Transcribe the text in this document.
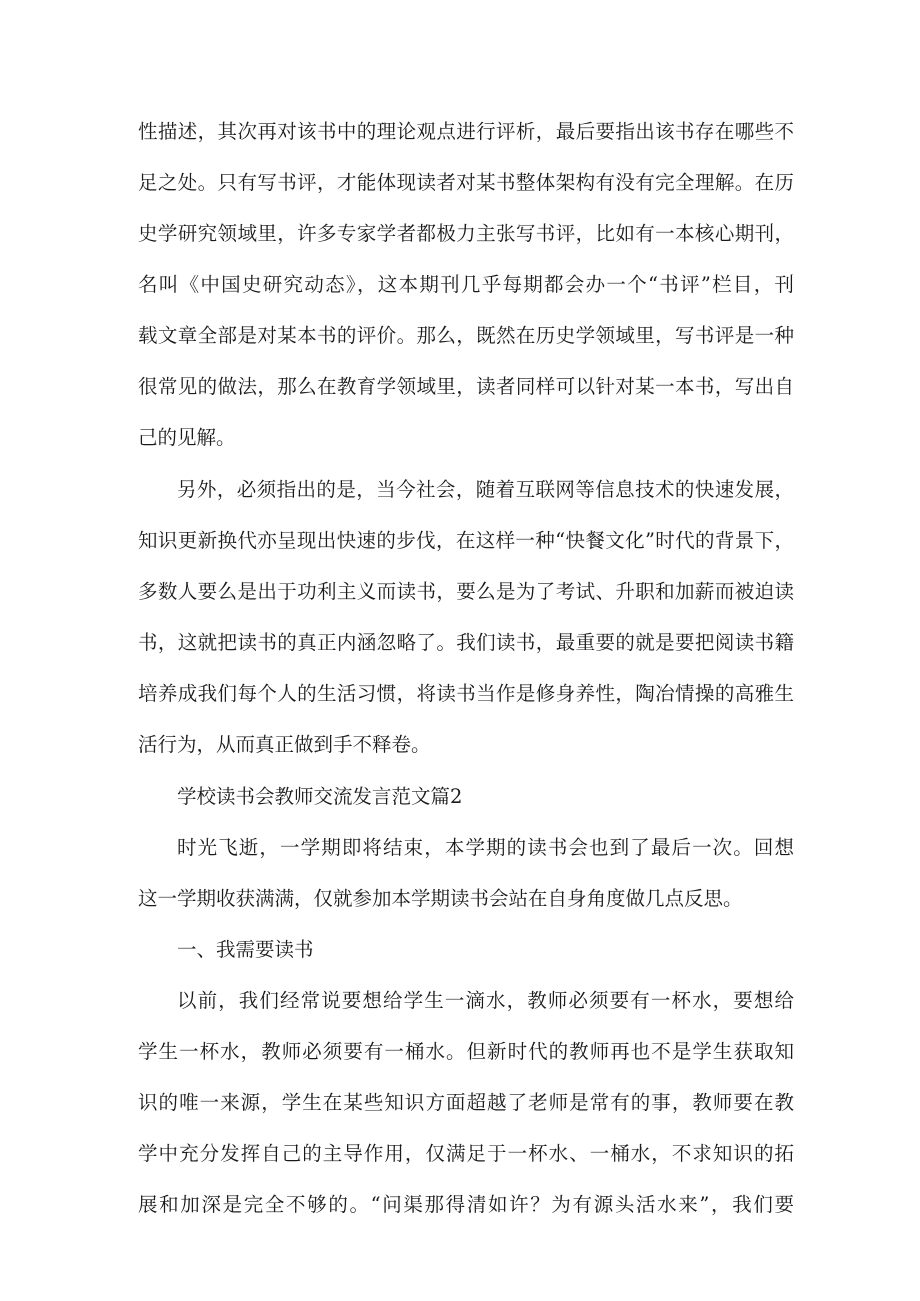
性描述，其次再对该书中的理论观点进行评析，最后要指出该书存在哪些不
足之处。只有写书评，才能体现读者对某书整体架构有没有完全理解。在历
史学研究领域里，许多专家学者都极力主张写书评，比如有一本核心期刊，
名叫《中国史研究动态》，这本期刊几乎每期都会办一个“书评”栏目，刊
载文章全部是对某本书的评价。那么，既然在历史学领域里，写书评是一种
很常见的做法，那么在教育学领域里，读者同样可以针对某一本书，写出自
己的见解。
另外，必须指出的是，当今社会，随着互联网等信息技术的快速发展，
知识更新换代亦呈现出快速的步伐，在这样一种“快餐文化”时代的背景下，
多数人要么是出于功利主义而读书，要么是为了考试、升职和加薪而被迫读
书，这就把读书的真正内涵忽略了。我们读书，最重要的就是要把阅读书籍
培养成我们每个人的生活习惯，将读书当作是修身养性，陶冶情操的高雅生
活行为，从而真正做到手不释卷。
学校读书会教师交流发言范文篇2
时光飞逝，一学期即将结束，本学期的读书会也到了最后一次。回想
这一学期收获满满，仅就参加本学期读书会站在自身角度做几点反思。
一、我需要读书
以前，我们经常说要想给学生一滴水，教师必须要有一杯水，要想给
学生一杯水，教师必须要有一桶水。但新时代的教师再也不是学生获取知
识的唯一来源，学生在某些知识方面超越了老师是常有的事，教师要在教
学中充分发挥自己的主导作用，仅满足于一杯水、一桶水，不求知识的拓
展和加深是完全不够的。“问渠那得清如许？为有源头活水来”，我们要
